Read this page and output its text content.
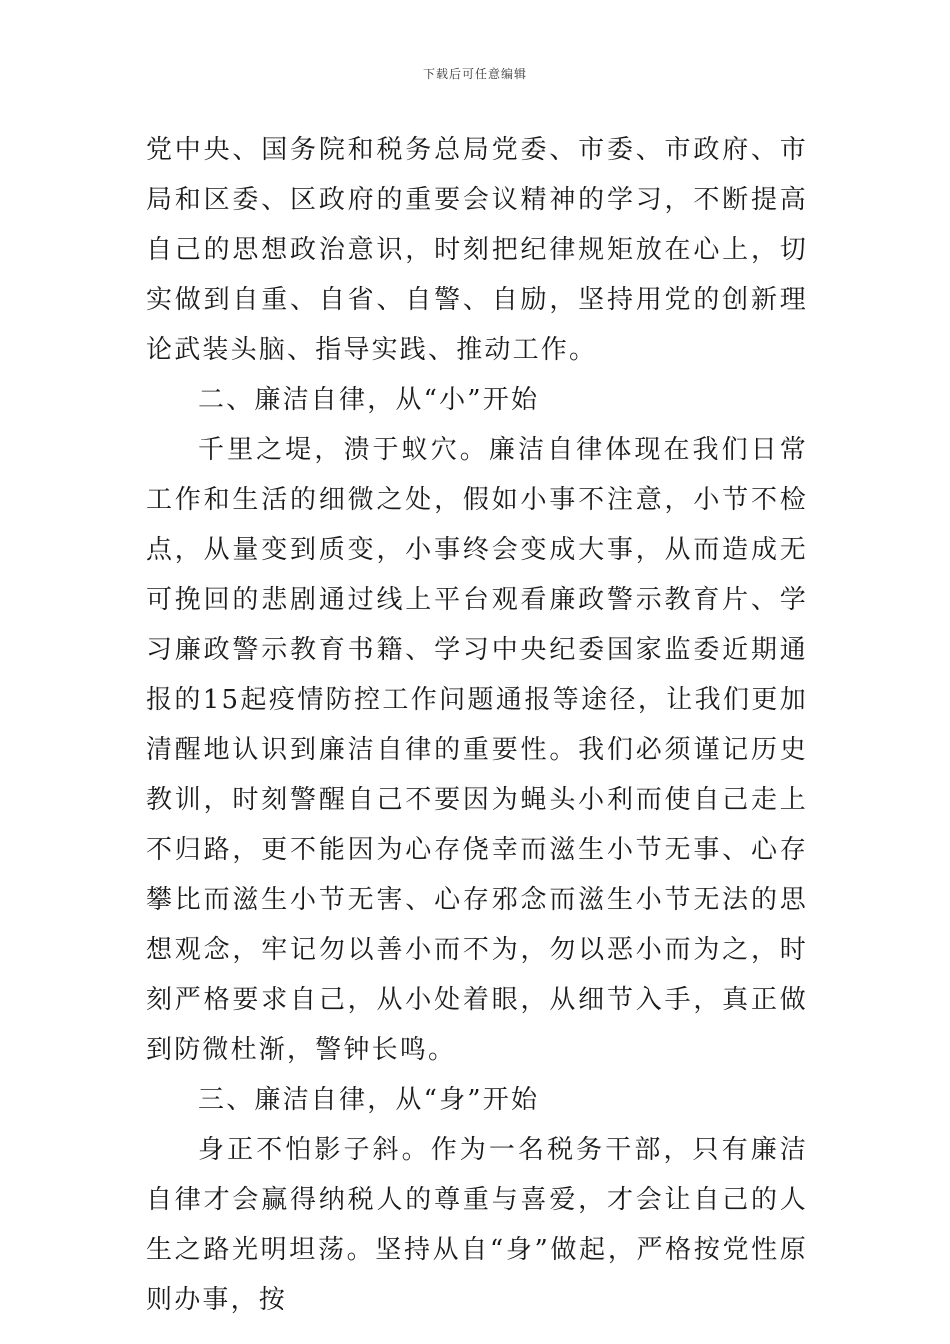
下载后可任意编辑

党中央、国务院和税务总局党委、市委、市政府、市局和区委、区政府的重要会议精神的学习，不断提高自己的思想政治意识，时刻把纪律规矩放在心上，切实做到自重、自省、自警、自励，坚持用党的创新理论武装头脑、指导实践、推动工作。

二、廉洁自律，从“小”开始

千里之堤，溃于蚁穴。廉洁自律体现在我们日常工作和生活的细微之处，假如小事不注意，小节不检点，从量变到质变，小事终会变成大事，从而造成无可挽回的悲剧通过线上平台观看廉政警示教育片、学习廉政警示教育书籍、学习中央纪委国家监委近期通报的15起疫情防控工作问题通报等途径，让我们更加清醒地认识到廉洁自律的重要性。我们必须谨记历史教训，时刻警醒自己不要因为蝇头小利而使自己走上不归路，更不能因为心存侥幸而滋生小节无事、心存攀比而滋生小节无害、心存邪念而滋生小节无法的思想观念，牢记勿以善小而不为，勿以恶小而为之，时刻严格要求自己，从小处着眼，从细节入手，真正做到防微杜渐，警钟长鸣。

三、廉洁自律，从“身”开始

身正不怕影子斜。作为一名税务干部，只有廉洁自律才会赢得纳税人的尊重与喜爱，才会让自己的人生之路光明坦荡。坚持从自“身”做起，严格按党性原则办事，按
